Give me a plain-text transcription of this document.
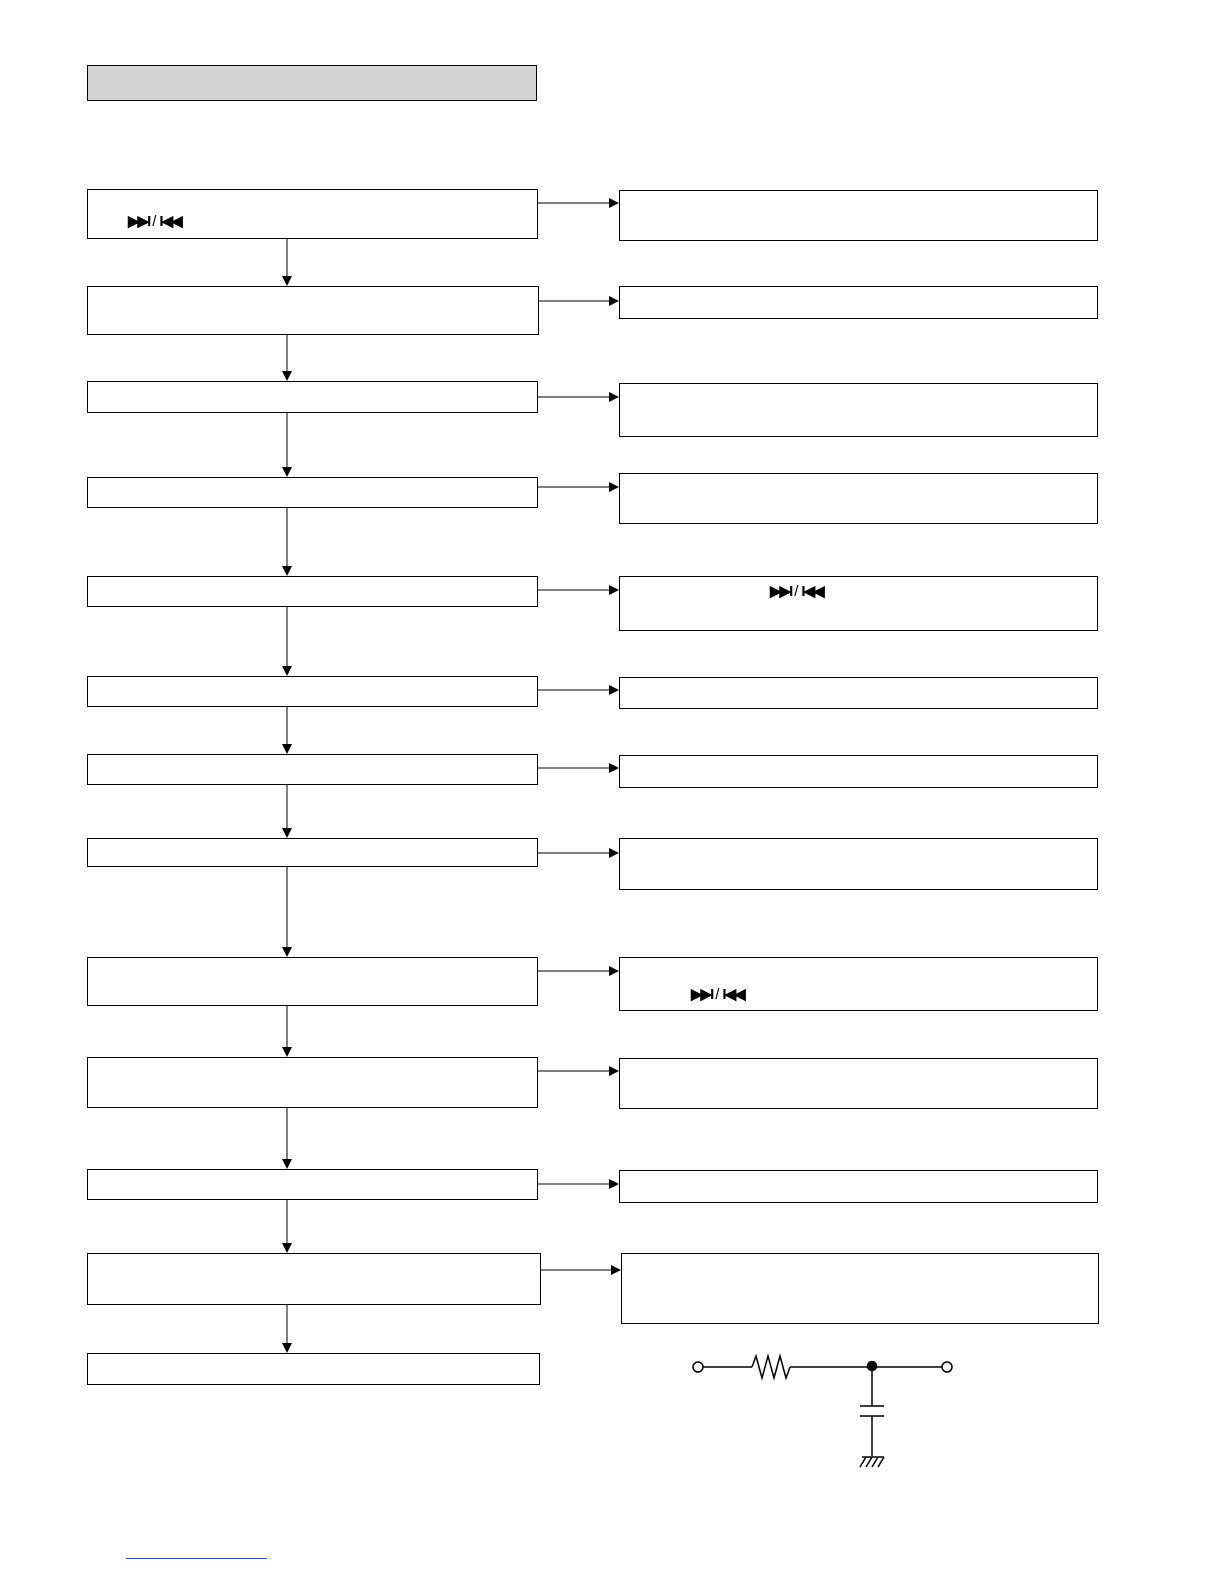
▶▶I / I◀◀
▶▶I / I◀◀
▶▶I / I◀◀
